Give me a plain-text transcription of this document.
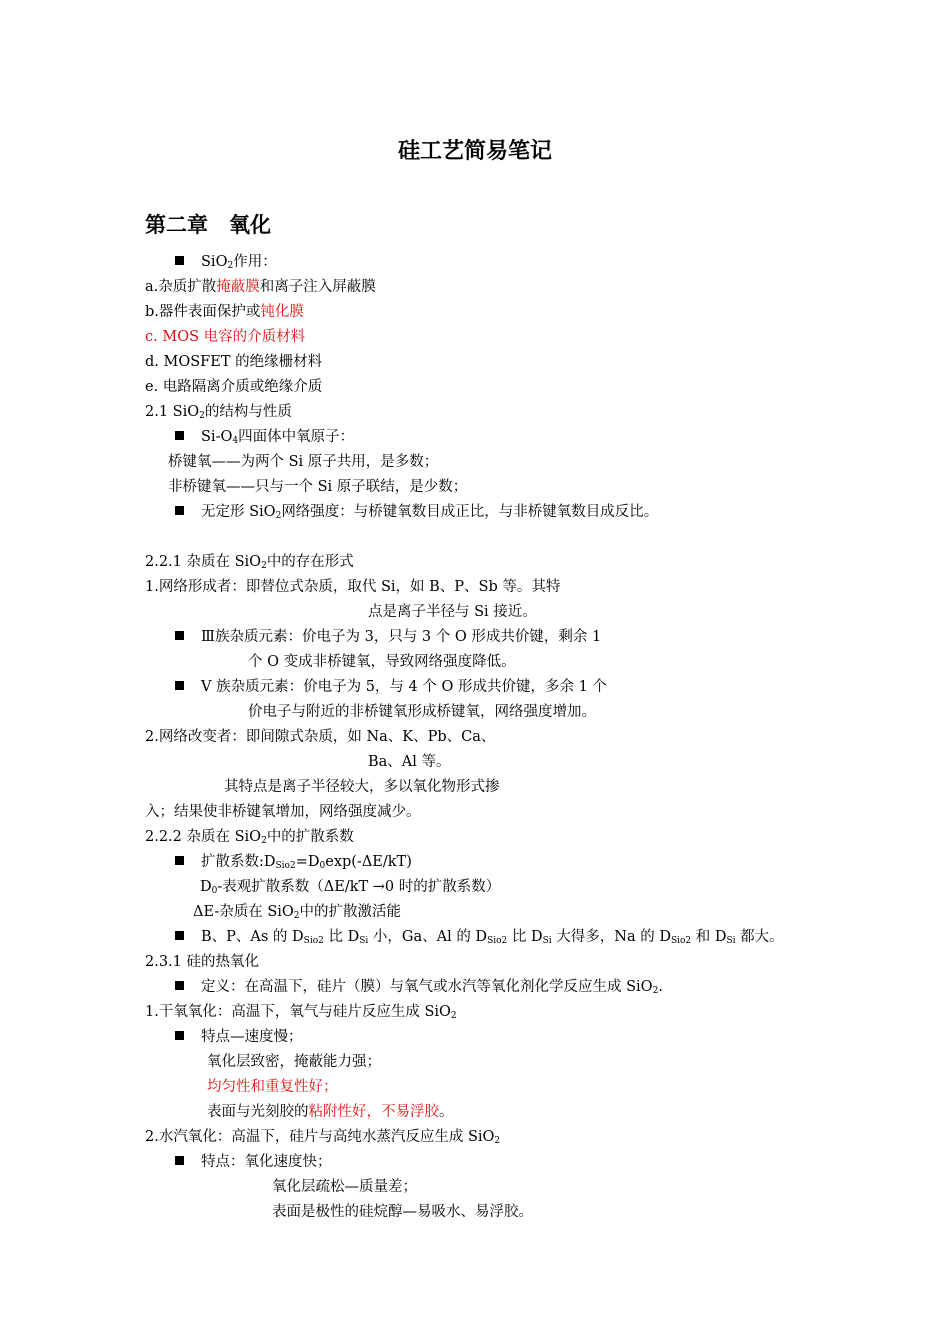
硅工艺简易笔记
第二章　氧化
SiO$_2$作用：
a.杂质扩散掩蔽膜和离子注入屏蔽膜
b.器件表面保护或钝化膜
c. MOS 电容的介质材料
d. MOSFET 的绝缘栅材料
e. 电路隔离介质或绝缘介质
2.1 SiO$_2$的结构与性质
$Si-O_4$四面体中氧原子：
桥键氧——为两个 Si 原子共用，是多数；
非桥键氧——只与一个 Si 原子联结，是少数；
无定形 SiO$_2$网络强度：与桥键氧数目成正比，与非桥键氧数目成反比。
2.2.1 杂质在 SiO$_2$中的存在形式
1.网络形成者：即替位式杂质，取代 Si，如 B、P、Sb 等。其特
点是离子半径与 Si 接近。
Ⅲ族杂质元素：价电子为 3，只与 3 个 O 形成共价键，剩余 1
个 O 变成非桥键氧，导致网络强度降低。
Ⅴ 族杂质元素：价电子为 5，与 4 个 O 形成共价键，多余 1 个
价电子与附近的非桥键氧形成桥键氧，网络强度增加。
2.网络改变者：即间隙式杂质，如 Na、K、Pb、Ca、
Ba、Al 等。
其特点是离子半径较大，多以氧化物形式掺
入；结果使非桥键氧增加，网络强度减少。
2.2.2 杂质在 SiO$_2$中的扩散系数
扩散系数$:D_{Sio2}=D_0\exp(-\Delta E/kT)$
$D_0-$表观扩散系数（ΔE/kT →0 时的扩散系数）
ΔE-杂质在 SiO$_2$中的扩散激活能
B、P、As 的 $D_{Sio2}$ 比 $D_{Si}$ 小，Ga、Al 的 $D_{Sio2}$ 比 $D_{Si}$ 大得多，Na 的 $D_{Sio2}$ 和 $D_{Si}$ 都大。
2.3.1 硅的热氧化
定义：在高温下，硅片（膜）与氧气或水汽等氧化剂化学反应生成 SiO$_2$.
1.干氧氧化：高温下，氧气与硅片反应生成 SiO$_2$
特点—速度慢；
氧化层致密，掩蔽能力强；
均匀性和重复性好；
表面与光刻胶的粘附性好，不易浮胶。
2.水汽氧化：高温下，硅片与高纯水蒸汽反应生成 SiO$_2$
特点：氧化速度快；
氧化层疏松—质量差；
表面是极性的硅烷醇—易吸水、易浮胶。
